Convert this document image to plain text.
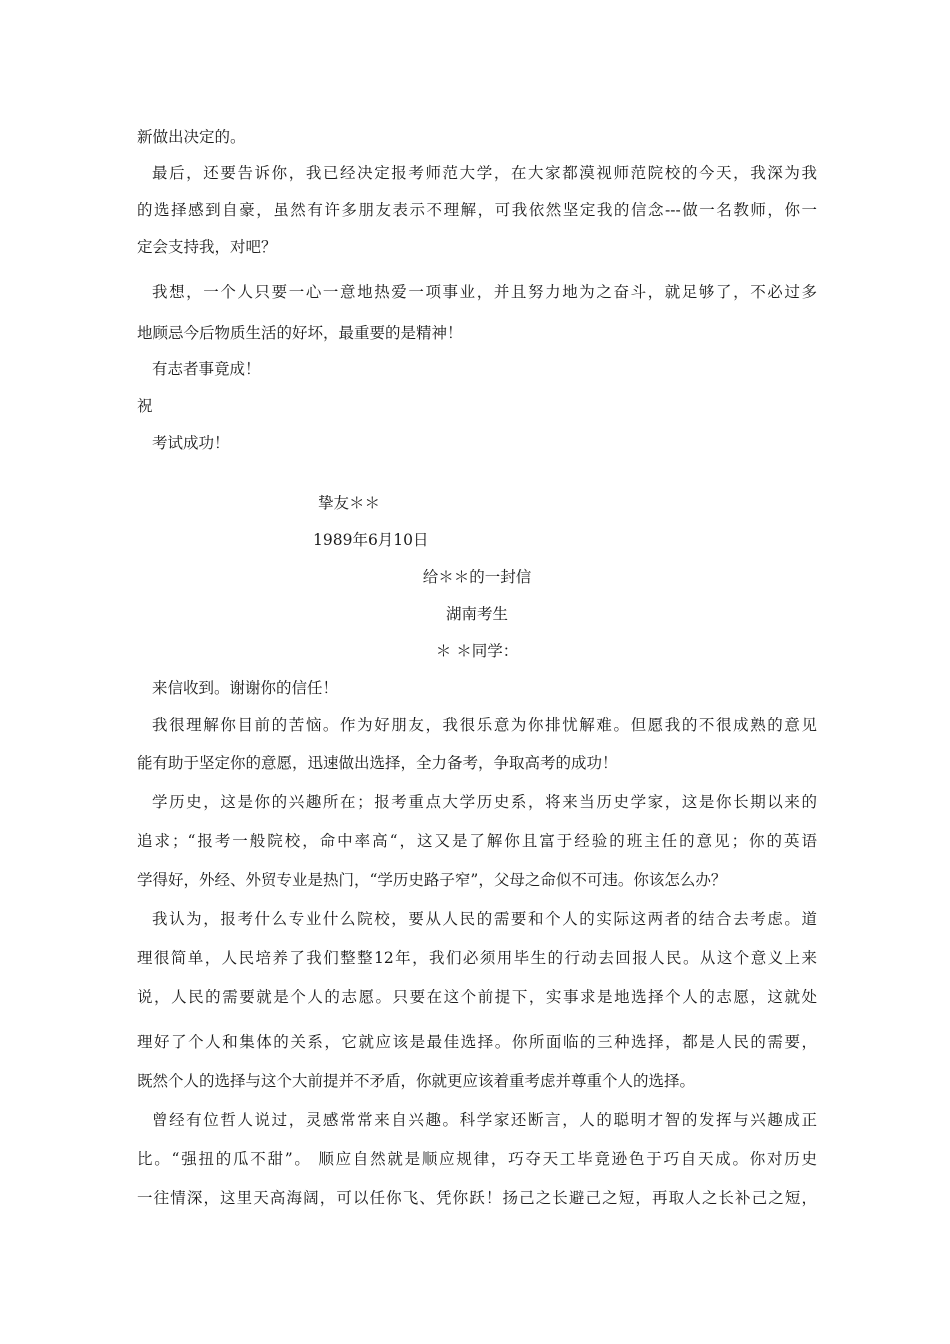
新做出决定的。
最后，还要告诉你，我已经决定报考师范大学，在大家都漠视师范院校的今天，我深为我
的选择感到自豪，虽然有许多朋友表示不理解，可我依然坚定我的信念---做一名教师，你一
定会支持我，对吧？
我想，一个人只要一心一意地热爱一项事业，并且努力地为之奋斗，就足够了，不必过多
地顾忌今后物质生活的好坏，最重要的是精神！
有志者事竟成！
祝
考试成功！
挚友＊＊
1989年6月10日
给＊＊的一封信
湖南考生
＊ ＊同学：
来信收到。谢谢你的信任！
我很理解你目前的苦恼。作为好朋友，我很乐意为你排忧解难。但愿我的不很成熟的意见
能有助于坚定你的意愿，迅速做出选择，全力备考，争取高考的成功！
学历史，这是你的兴趣所在；报考重点大学历史系，将来当历史学家，这是你长期以来的
追求；“报考一般院校，命中率高“，这又是了解你且富于经验的班主任的意见；你的英语
学得好，外经、外贸专业是热门，“学历史路子窄”，父母之命似不可违。你该怎么办？
我认为，报考什么专业什么院校，要从人民的需要和个人的实际这两者的结合去考虑。道
理很简单，人民培养了我们整整12年，我们必须用毕生的行动去回报人民。从这个意义上来
说，人民的需要就是个人的志愿。只要在这个前提下，实事求是地选择个人的志愿，这就处
理好了个人和集体的关系，它就应该是最佳选择。你所面临的三种选择，都是人民的需要，
既然个人的选择与这个大前提并不矛盾，你就更应该着重考虑并尊重个人的选择。
曾经有位哲人说过，灵感常常来自兴趣。科学家还断言，人的聪明才智的发挥与兴趣成正
比。“强扭的瓜不甜”。 顺应自然就是顺应规律，巧夺天工毕竟逊色于巧自天成。你对历史
一往情深，这里天高海阔，可以任你飞、凭你跃！扬己之长避己之短，再取人之长补己之短，
